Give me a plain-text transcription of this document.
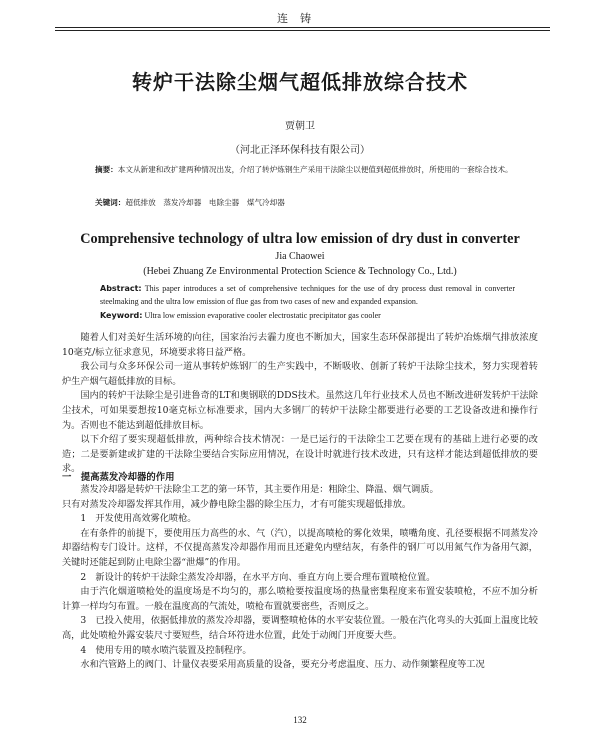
连铸
转炉干法除尘烟气超低排放综合技术
贾朝卫
（河北正泽环保科技有限公司）
摘要：本文从新建和改扩建两种情况出发，介绍了转炉炼钢生产采用干法除尘以便值到超低排放时，所使用的一套综合技术。
关键词：超低排放　蒸发冷却器　电除尘器　煤气冷却器
Comprehensive technology of ultra low emission of dry dust in converter
Jia Chaowei
(Hebei Zhuang Ze Environmental Protection Science & Technology Co., Ltd.)
Abstract: This paper introduces a set of comprehensive techniques for the use of dry process dust removal in converter steelmaking and the ultra low emission of flue gas from two cases of new and expanded expansion.
Keyword: Ultra low emission evaporative cooler electrostatic precipitator gas cooler

随着人们对美好生活环境的向往，国家治污去霾力度也不断加大，国家生态环保部提出了转炉冶炼烟气排放浓度10毫克/标立征求意见，环境要求将日益严格。

我公司与众多环保公司一道从事转炉炼钢厂的生产实践中，不断吸收、创新了转炉干法除尘技术，努力实现着转炉生产烟气超低排放的目标。

国内的转炉干法除尘是引进鲁奇的LT和奥钢联的DDS技术。虽然这几年行业技术人员也不断改进研发转炉干法除尘技术，可如果要想按10毫克标立标准要求，国内大多钢厂的转炉干法除尘都要进行必要的工艺设备改进和操作行为。否则也不能达到超低排放目标。

以下介绍了要实现超低排放，两种综合技术情况：一是已运行的干法除尘工艺要在现有的基础上进行必要的改造；二是要新建或扩建的干法除尘要结合实际应用情况，在设计时就进行技术改进，只有这样才能达到超低排放的要求。

一　提高蒸发冷却器的作用

蒸发冷却器是转炉干法除尘工艺的第一环节，其主要作用是：粗除尘、降温、烟气调质。

只有对蒸发冷却器发挥其作用，减少静电除尘器的除尘压力，才有可能实现超低排放。

1　开发使用高效雾化喷枪。

在有条件的前提下，要使用压力高些的水、气（汽），以提高喷枪的雾化效果，喷嘴角度、孔径要根据不同蒸发冷却器结构专门设计。这样，不仅提高蒸发冷却器作用而且还避免内壁结灰，有条件的钢厂可以用氮气作为备用气源，关键时还能起到防止电除尘器“泄爆”的作用。

2　新设计的转炉干法除尘蒸发冷却器，在水平方向、垂直方向上要合理布置喷枪位置。

由于汽化烟道喷枪处的温度场是不均匀的，那么喷枪要按温度场的热量密集程度来布置安装喷枪，不应不加分析计算一样均匀布置。一般在温度高的气流处，喷枪布置就要密些，否则反之。

3　已投入使用，依据低排放的蒸发冷却器，要调整喷枪体的水平安装位置。一般在汽化弯头的大弧面上温度比较高，此处喷枪外露安装尺寸要短些，结合环符进水位置，此处于动阀门开度要大些。

4　使用专用的喷水喷汽装置及控制程序。

水和汽管路上的阀门、计量仪表要采用高质量的设备，要充分考虑温度、压力、动作频繁程度等工况

132
